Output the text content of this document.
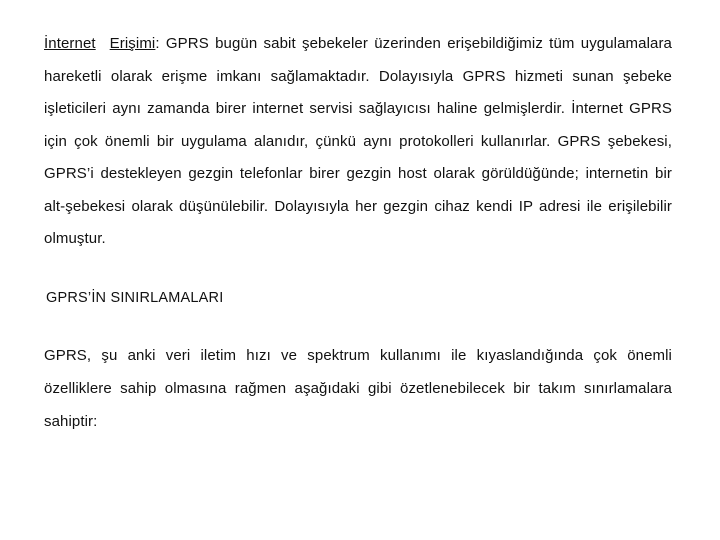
İnternet Erişimi: GPRS bugün sabit şebekeler üzerinden erişebildiğimiz tüm uygulamalara hareketli olarak erişme imkanı sağlamaktadır. Dolayısıyla GPRS hizmeti sunan şebeke işleticileri aynı zamanda birer internet servisi sağlayıcısı haline gelmişlerdir. İnternet GPRS için çok önemli bir uygulama alanıdır, çünkü aynı protokolleri kullanırlar. GPRS şebekesi, GPRS’i destekleyen gezgin telefonlar birer gezgin host olarak görüldüğünde; internetin bir alt-şebekesi olarak düşünülebilir. Dolayısıyla her gezgin cihaz kendi IP adresi ile erişilebilir olmuştur.

GPRS’İN SINIRLAMALARI

GPRS, şu anki veri iletim hızı ve spektrum kullanımı ile kıyaslandığında çok önemli özelliklere sahip olmasına rağmen aşağıdaki gibi özetlenebilecek bir takım sınırlamalara sahiptir:
